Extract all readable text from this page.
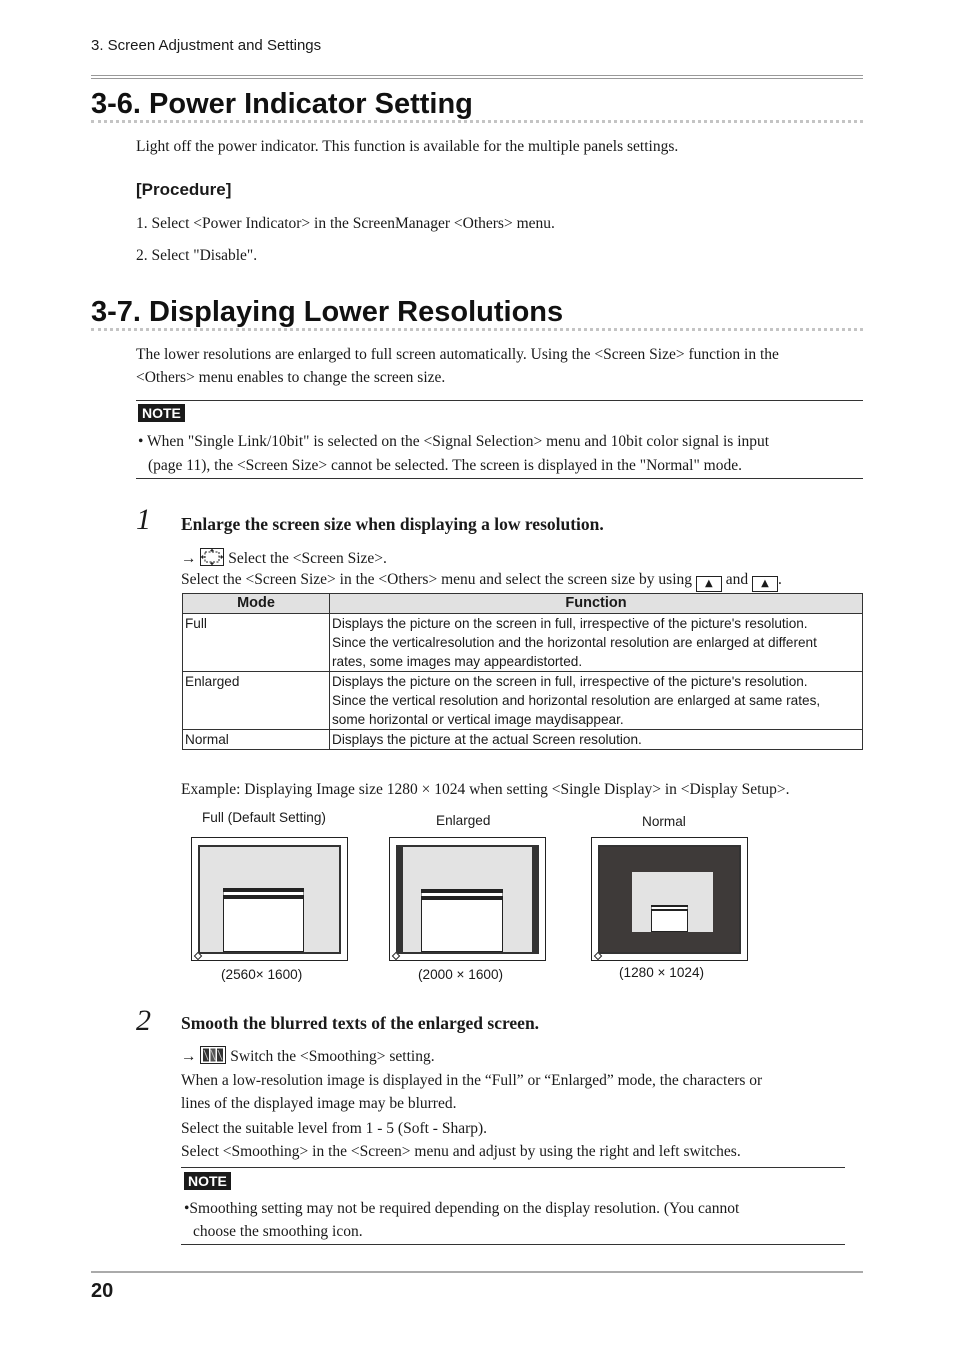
3. Screen Adjustment and Settings
3-6. Power Indicator Setting
Light off the power indicator. This function is available for the multiple panels settings.
[Procedure]
1. Select <Power Indicator> in the ScreenManager <Others> menu.
2. Select "Disable".
3-7. Displaying Lower Resolutions
The lower resolutions are enlarged to full screen automatically. Using the <Screen Size> function in the
<Others> menu enables to change the screen size.
NOTE
• When "Single Link/10bit" is selected on the <Signal Selection> menu and 10bit color signal is input
(page 11), the <Screen Size> cannot be selected. The screen is displayed in the "Normal" mode.
1 Enlarge the screen size when displaying a low resolution.
→ Select the <Screen Size>.
Select the <Screen Size> in the <Others> menu and select the screen size by using ▲ and ▲ .
Mode	Function
Full	Displays the picture on the screen in full, irrespective of the picture's resolution.
Since the verticalresolution and the horizontal resolution are enlarged at different
rates, some images may appeardistorted.

Enlarged	Displays the picture on the screen in full, irrespective of the picture's resolution.
Since the vertical resolution and horizontal resolution are enlarged at same rates,
some horizontal or vertical image maydisappear.

Normal	Displays the picture at the actual Screen resolution.
Example: Displaying Image size 1280 × 1024 when setting <Single Display> in <Display Setup>.
Full (Default Setting)	Enlarged	Normal
(2560× 1600)	(2000 × 1600)	(1280 × 1024)
2 Smooth the blurred texts of the enlarged screen.
→ Switch the <Smoothing> setting.
When a low-resolution image is displayed in the “Full” or “Enlarged” mode, the characters or
lines of the displayed image may be blurred.
Select the suitable level from 1 - 5 (Soft - Sharp).
Select <Smoothing> in the <Screen> menu and adjust by using the right and left switches.
NOTE
•Smoothing setting may not be required depending on the display resolution. (You cannot
choose the smoothing icon.
20
